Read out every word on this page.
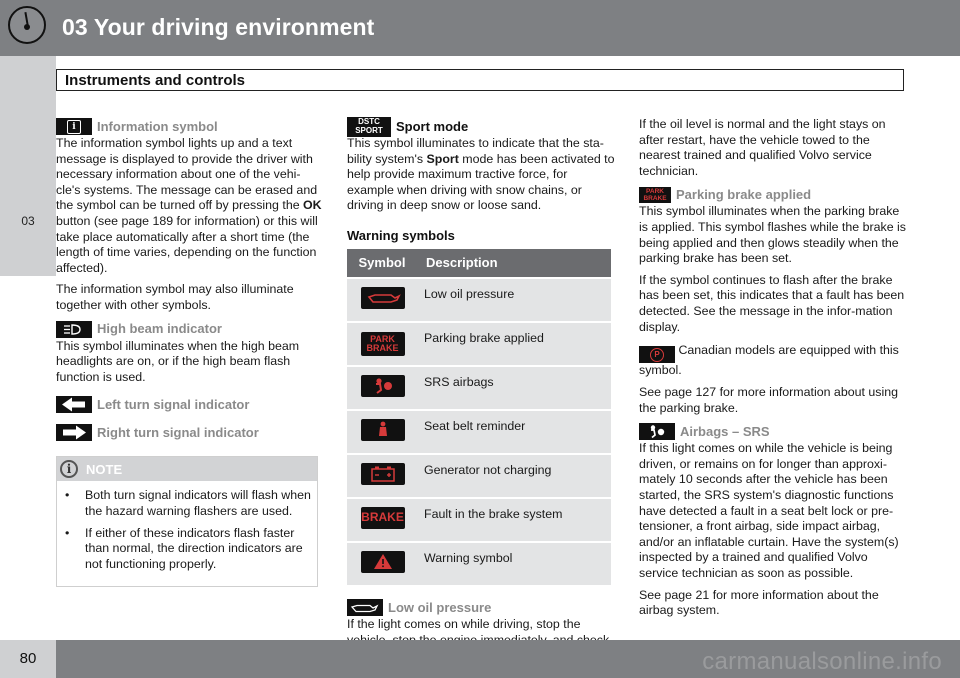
03 Your driving environment
03
Instruments and controls
i	Information symbol

The information symbol lights up and a text message is displayed to provide the driver with necessary information about one of the vehi-cle's systems. The message can be erased and the symbol can be turned off by pressing the OK button (see page 189 for information) or this will take place automatically after a short time (the length of time varies, depending on the function affected).

The information symbol may also illuminate together with other symbols.

High beam indicator

This symbol illuminates when the high beam headlights are on, or if the high beam flash function is used.

Left turn signal indicator
Right turn signal indicator
i	NOTE
•	Both turn signal indicators will flash when the hazard warning flashers are used.
•	If either of these indicators flash faster than normal, the direction indicators are not functioning properly.
DSTC
SPORT Sport mode

This symbol illuminates to indicate that the sta-bility system's Sport mode has been activated to help provide maximum tractive force, for example when driving with snow chains, or driving in deep snow or loose sand.

Warning symbols
Symbol	Description
	Low oil pressure

PARK
BRAKE	Parking brake applied
	SRS airbags
	Seat belt reminder
	Generator not charging

BRAKE	Fault in the brake system
	Warning symbol
Low oil pressure

If the light comes on while driving, stop the

If the oil level is normal and the light stays on after restart, have the vehicle towed to the nearest trained and qualified Volvo service technician.

PARK
BRAKE Parking brake applied

This symbol illuminates when the parking brake is applied. This symbol flashes while the brake is being applied and then glows steadily when the parking brake has been set.

If the symbol continues to flash after the brake has been set, this indicates that a fault has been detected. See the message in the infor-mation display.

P	Canadian models are equipped with this symbol.

See page 127 for more information about using the parking brake.

Airbags – SRS

If this light comes on while the vehicle is being driven, or remains on for longer than approxi-mately 10 seconds after the vehicle has been started, the SRS system's diagnostic functions have detected a fault in a seat belt lock or pre-tensioner, a front airbag, side impact airbag, and/or an inflatable curtain. Have the system(s) inspected by a trained and qualified Volvo service technician as soon as possible.

See page 21 for more information about the airbag system.

80	carmanualsonline.info
